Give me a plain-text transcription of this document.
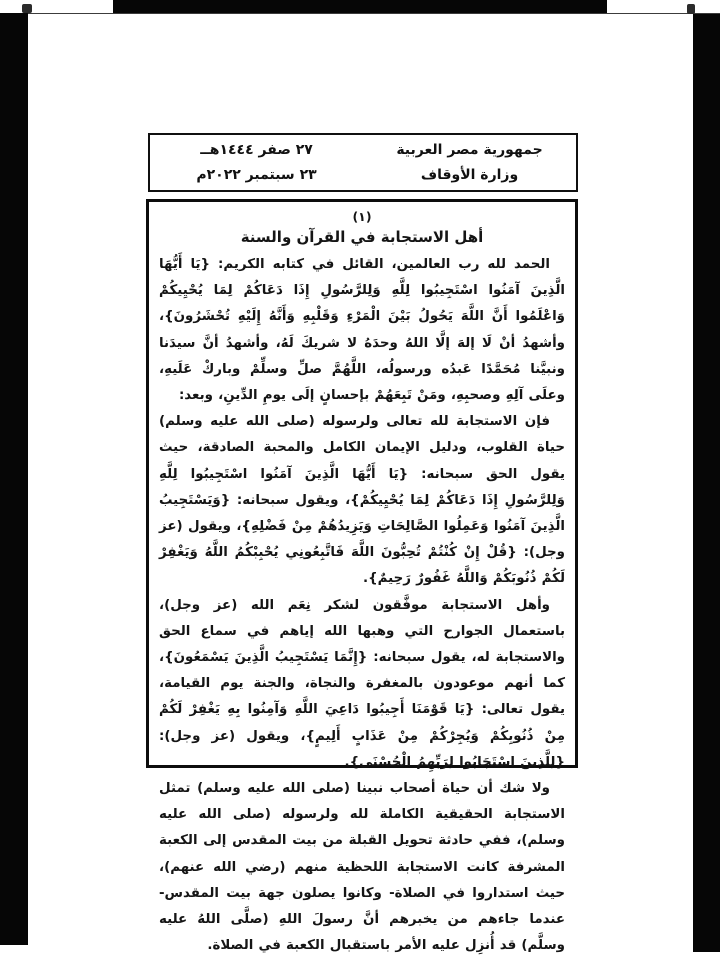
جمهورية مصر العربية
وزارة الأوقاف
٢٧ صفر ١٤٤٤هــ
٢٣ سبتمبر ٢٠٢٢م

(١)

أهل الاستجابة في القرآن والسنة

الحمد لله رب العالمين، القائل في كتابه الكريم: {يَا أَيُّهَا الَّذِينَ آمَنُوا اسْتَجِيبُوا لِلَّهِ وَلِلرَّسُولِ إِذَا دَعَاكُمْ لِمَا يُحْيِيكُمْ وَاعْلَمُوا أَنَّ اللَّهَ يَحُولُ بَيْنَ الْمَرْءِ وَقَلْبِهِ وَأَنَّهُ إِلَيْهِ تُحْشَرُونَ}، وأشهدُ أنْ لَا إلهَ إلَّا اللهُ وحدَهُ لا شريكَ لَهُ، وأشهدُ أنَّ سيدَنا ونبيَّنا مُحَمَّدًا عَبدُه ورسولُه، اللَّهُمَّ صلِّ وسلِّمْ وباركْ عَلَيهِ، وعلَى آلِهِ وصحبِهِ، ومَنْ تَبِعَهُمْ بإحسانٍ إلَى يومِ الدِّينِ، وبعد:

فإن الاستجابة لله تعالى ولرسوله (صلى الله عليه وسلم) حياة القلوب، ودليل الإيمان الكامل والمحبة الصادقة، حيث يقول الحق سبحانه: {يَا أَيُّهَا الَّذِينَ آمَنُوا اسْتَجِيبُوا لِلَّهِ وَلِلرَّسُولِ إِذَا دَعَاكُمْ لِمَا يُحْيِيكُمْ}، ويقول سبحانه: {وَيَسْتَجِيبُ الَّذِينَ آمَنُوا وَعَمِلُوا الصَّالِحَاتِ وَيَزِيدُهُمْ مِنْ فَضْلِهِ}، ويقول (عز وجل): {قُلْ إِنْ كُنْتُمْ تُحِبُّونَ اللَّهَ فَاتَّبِعُونِي يُحْبِبْكُمُ اللَّهُ وَيَغْفِرْ لَكُمْ ذُنُوبَكُمْ وَاللَّهُ غَفُورٌ رَحِيمٌ}.

وأهل الاستجابة موفَّقون لشكر نِعَم الله (عز وجل)، باستعمال الجوارح التي وهبها الله إياهم في سماع الحق والاستجابة له، يقول سبحانه: {إِنَّمَا يَسْتَجِيبُ الَّذِينَ يَسْمَعُونَ}، كما أنهم موعودون بالمغفرة والنجاة، والجنة يوم القيامة، يقول تعالى: {يَا قَوْمَنَا أَجِيبُوا دَاعِيَ اللَّهِ وَآمِنُوا بِهِ يَغْفِرْ لَكُمْ مِنْ ذُنُوبِكُمْ وَيُجِرْكُمْ مِنْ عَذَابٍ أَلِيمٍ}، ويقول (عز وجل): {لِلَّذِينَ اسْتَجَابُوا لِرَبِّهِمُ الْحُسْنَى}.

ولا شك أن حياة أصحاب نبينا (صلى الله عليه وسلم) تمثل الاستجابة الحقيقية الكاملة لله ولرسوله (صلى الله عليه وسلم)، ففي حادثة تحويل القبلة من بيت المقدس إلى الكعبة المشرفة كانت الاستجابة اللحظية منهم (رضي الله عنهم)، حيث استداروا في الصلاة- وكانوا يصلون جهة بيت المقدس- عندما جاءهم من يخبرهم أنَّ رسولَ اللهِ (صلَّى اللهُ عليه وسلَّم) قد أُنزِل عليه الأمر باستقبال الكعبة في الصلاة.
